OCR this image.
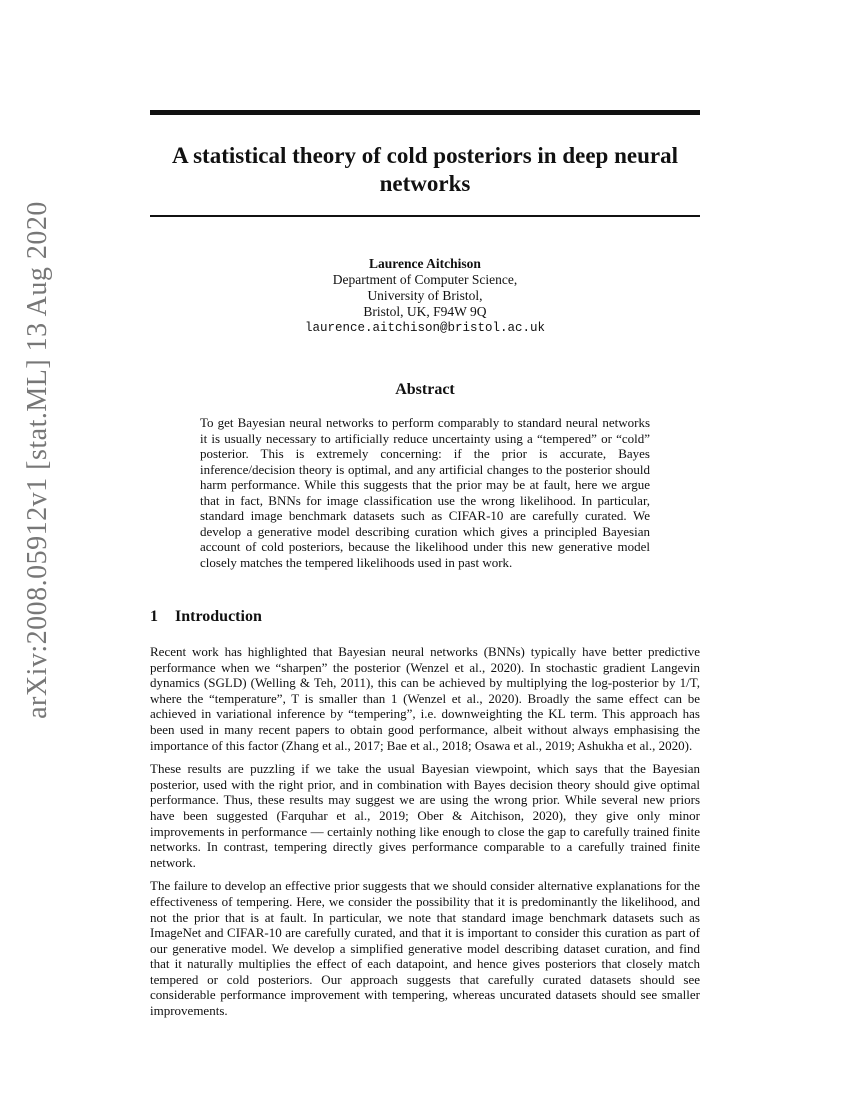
arXiv:2008.05912v1 [stat.ML] 13 Aug 2020
A statistical theory of cold posteriors in deep neural networks
Laurence Aitchison
Department of Computer Science,
University of Bristol,
Bristol, UK, F94W 9Q
laurence.aitchison@bristol.ac.uk
Abstract
To get Bayesian neural networks to perform comparably to standard neural networks it is usually necessary to artificially reduce uncertainty using a “tempered” or “cold” posterior. This is extremely concerning: if the prior is accurate, Bayes inference/decision theory is optimal, and any artificial changes to the posterior should harm performance. While this suggests that the prior may be at fault, here we argue that in fact, BNNs for image classification use the wrong likelihood. In particular, standard image benchmark datasets such as CIFAR-10 are carefully curated. We develop a generative model describing curation which gives a principled Bayesian account of cold posteriors, because the likelihood under this new generative model closely matches the tempered likelihoods used in past work.
1 Introduction

Recent work has highlighted that Bayesian neural networks (BNNs) typically have better predictive performance when we “sharpen” the posterior (Wenzel et al., 2020). In stochastic gradient Langevin dynamics (SGLD) (Welling & Teh, 2011), this can be achieved by multiplying the log-posterior by 1/T, where the “temperature”, T is smaller than 1 (Wenzel et al., 2020). Broadly the same effect can be achieved in variational inference by “tempering”, i.e. downweighting the KL term. This approach has been used in many recent papers to obtain good performance, albeit without always emphasising the importance of this factor (Zhang et al., 2017; Bae et al., 2018; Osawa et al., 2019; Ashukha et al., 2020).

These results are puzzling if we take the usual Bayesian viewpoint, which says that the Bayesian posterior, used with the right prior, and in combination with Bayes decision theory should give optimal performance. Thus, these results may suggest we are using the wrong prior. While several new priors have been suggested (Farquhar et al., 2019; Ober & Aitchison, 2020), they give only minor improvements in performance — certainly nothing like enough to close the gap to carefully trained finite networks. In contrast, tempering directly gives performance comparable to a carefully trained finite network.

The failure to develop an effective prior suggests that we should consider alternative explanations for the effectiveness of tempering. Here, we consider the possibility that it is predominantly the likelihood, and not the prior that is at fault. In particular, we note that standard image benchmark datasets such as ImageNet and CIFAR-10 are carefully curated, and that it is important to consider this curation as part of our generative model. We develop a simplified generative model describing dataset curation, and find that it naturally multiplies the effect of each datapoint, and hence gives posteriors that closely match tempered or cold posteriors. Our approach suggests that carefully curated datasets should see considerable performance improvement with tempering, whereas uncurated datasets should see smaller improvements.
